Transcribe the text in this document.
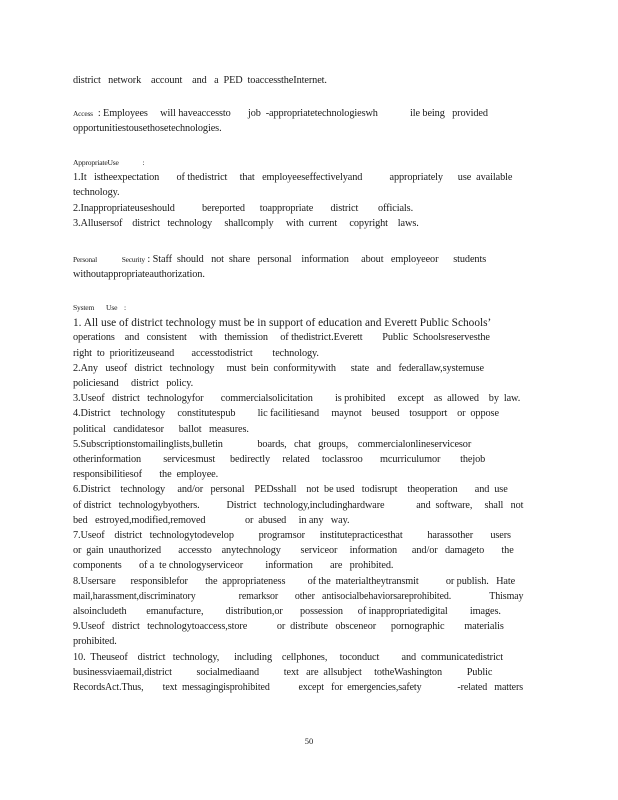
district   network    account    and   a  PED  toaccesstheInternet.
Access : Employees     will haveaccessto       job  -appropriatetechnologieswh             ile being   provided
opportunitiestousethosetechnologies.
AppropriateUse              :
1.It   istheexpectation       of thedistrict     that   employeeseffectivelyand           appropriately      use  available
technology.
2.Inappropriateuseshould           bereported      toappropriate       district        officials.
3.Allusersof    district   technology     shallcomply     with  current     copyright    laws.
Personal	Security : Staff  should   not  share   personal    information     about   employeeor      students
withoutappropriateauthorization.
System       Use    :
1. All use of district technology must be in support of education and Everett Public Schools’
operations    and   consistent     with   themission     of thedistrict.Everett        Public  Schoolsreservesthe
right  to  prioritizeuseand       accesstodistrict        technology.
2.Any   useof   district   technology     must  bein  conformitywith      state   and   federallaw,systemuse
policiesand     district   policy.
3.Useof   district   technologyfor       commercialsolicitation         is prohibited     except    as  allowed    by  law.
4.District    technology     constitutespub         lic facilitiesand     maynot    beused    tosupport    or  oppose
political   candidatesor      ballot   measures.
5.Subscriptionstomailinglists,bulletin              boards,   chat   groups,    commercialonlineservicesor
otherinformation         servicesmust      bedirectly     related     toclassroo       mcurriculumor        thejob
responsibilitiesof       the  employee.
6.District    technology     and/or   personal    PEDsshall    not  be used   todisrupt    theoperation       and  use
of district   technologybyothers.           District   technology,includinghardware             and  software,     shall   not
bed   estroyed,modified,removed                or  abused     in any   way.
7.Useof    district   technologytodevelop          programsor      institutepracticesthat          harassother       users
or  gain  unauthorized       accessto    anytechnology        serviceor     information      and/or   damageto       the
components       of a  te chnologyserviceor         information       are   prohibited.
8.Usersare      responsiblefor       the  appropriateness         of the  materialtheytransmit           or publish.   Hate
mail,harassment,discriminatory                  remarksor       other   antisocialbehaviorsareprohibited.                Thismay
alsoincludeth        emanufacture,         distribution,or       possession      of inappropriatedigital         images.
9.Useof   district   technologytoaccess,store            or  distribute   obsceneor      pornographic        materialis
prohibited.
10.  Theuseof    district   technology,      including    cellphones,     toconduct         and  communicatedistrict
businessviaemail,district          socialmediaand          text   are  allsubject     totheWashington          Public
RecordsAct.Thus,        text  messagingisprohibited            except   for  emergencies,safety               -related   matters
50
